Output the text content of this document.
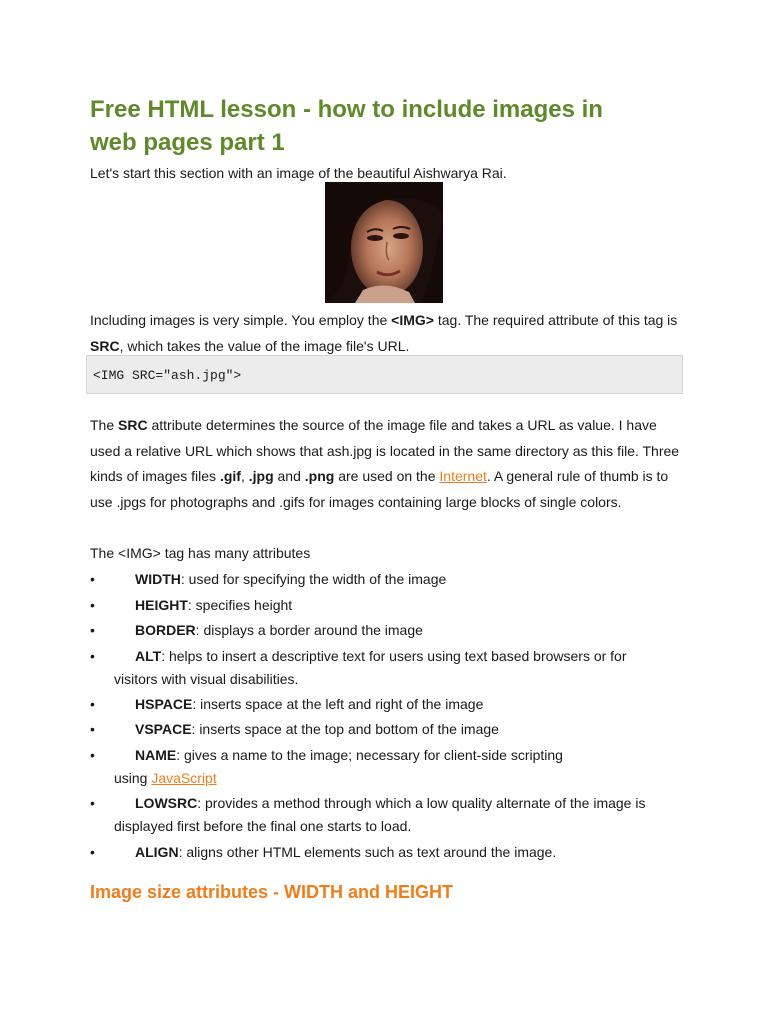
Free HTML lesson - how to include images in web pages part 1

Let's start this section with an image of the beautiful Aishwarya Rai.

Including images is very simple. You employ the <IMG> tag. The required attribute of this tag is SRC, which takes the value of the image file's URL.

<IMG SRC="ash.jpg">

The SRC attribute determines the source of the image file and takes a URL as value. I have used a relative URL which shows that ash.jpg is located in the same directory as this file. Three kinds of images files .gif, .jpg and .png are used on the Internet. A general rule of thumb is to use .jpgs for photographs and .gifs for images containing large blocks of single colors.

The <IMG> tag has many attributes

•	WIDTH: used for specifying the width of the image
•	HEIGHT: specifies height
•	BORDER: displays a border around the image
•	ALT: helps to insert a descriptive text for users using text based browsers or for
visitors with visual disabilities.
•	HSPACE: inserts space at the left and right of the image
•	VSPACE: inserts space at the top and bottom of the image
•	NAME: gives a name to the image; necessary for client-side scripting
using JavaScript
•	LOWSRC: provides a method through which a low quality alternate of the image is
displayed first before the final one starts to load.
•	ALIGN: aligns other HTML elements such as text around the image.
Image size attributes - WIDTH and HEIGHT
